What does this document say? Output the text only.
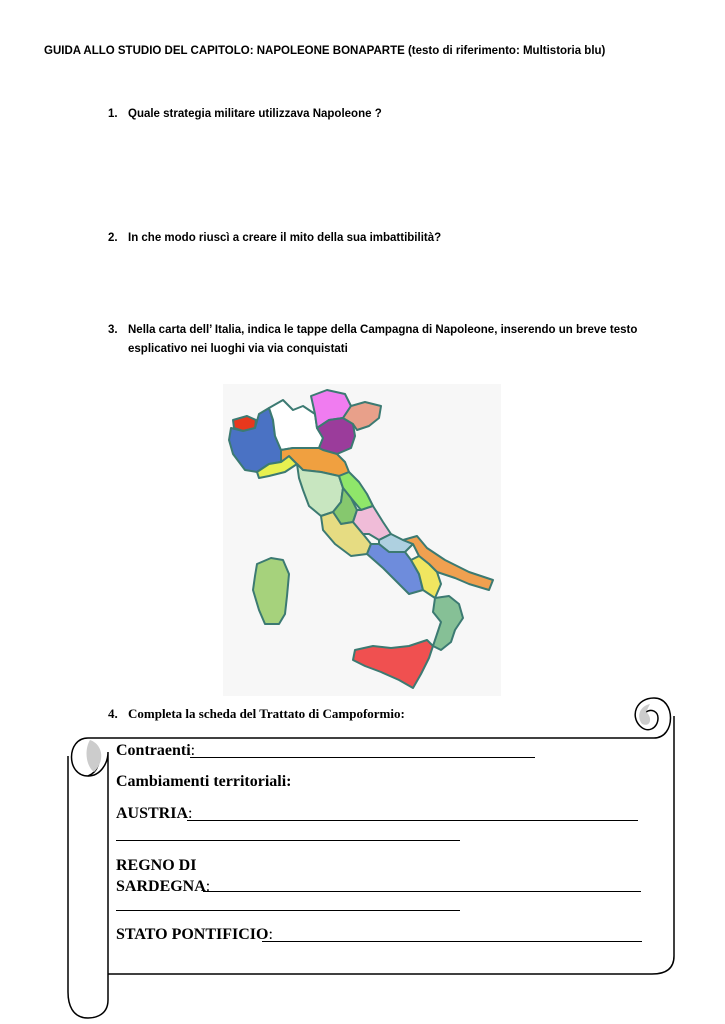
GUIDA ALLO STUDIO DEL CAPITOLO: NAPOLEONE BONAPARTE (testo di riferimento: Multistoria blu)
1. Quale strategia militare utilizzava Napoleone ?
2. In che modo riuscì a creare il mito della sua imbattibilità?
3. Nella carta dell’ Italia, indica le tappe della Campagna di Napoleone, inserendo un breve testo esplicativo nei luoghi via via conquistati
4. Completa la scheda del Trattato di Campoformio:
Contraenti:
Cambiamenti territoriali:
AUSTRIA:
REGNO DI
SARDEGNA:
STATO PONTIFICIO:
